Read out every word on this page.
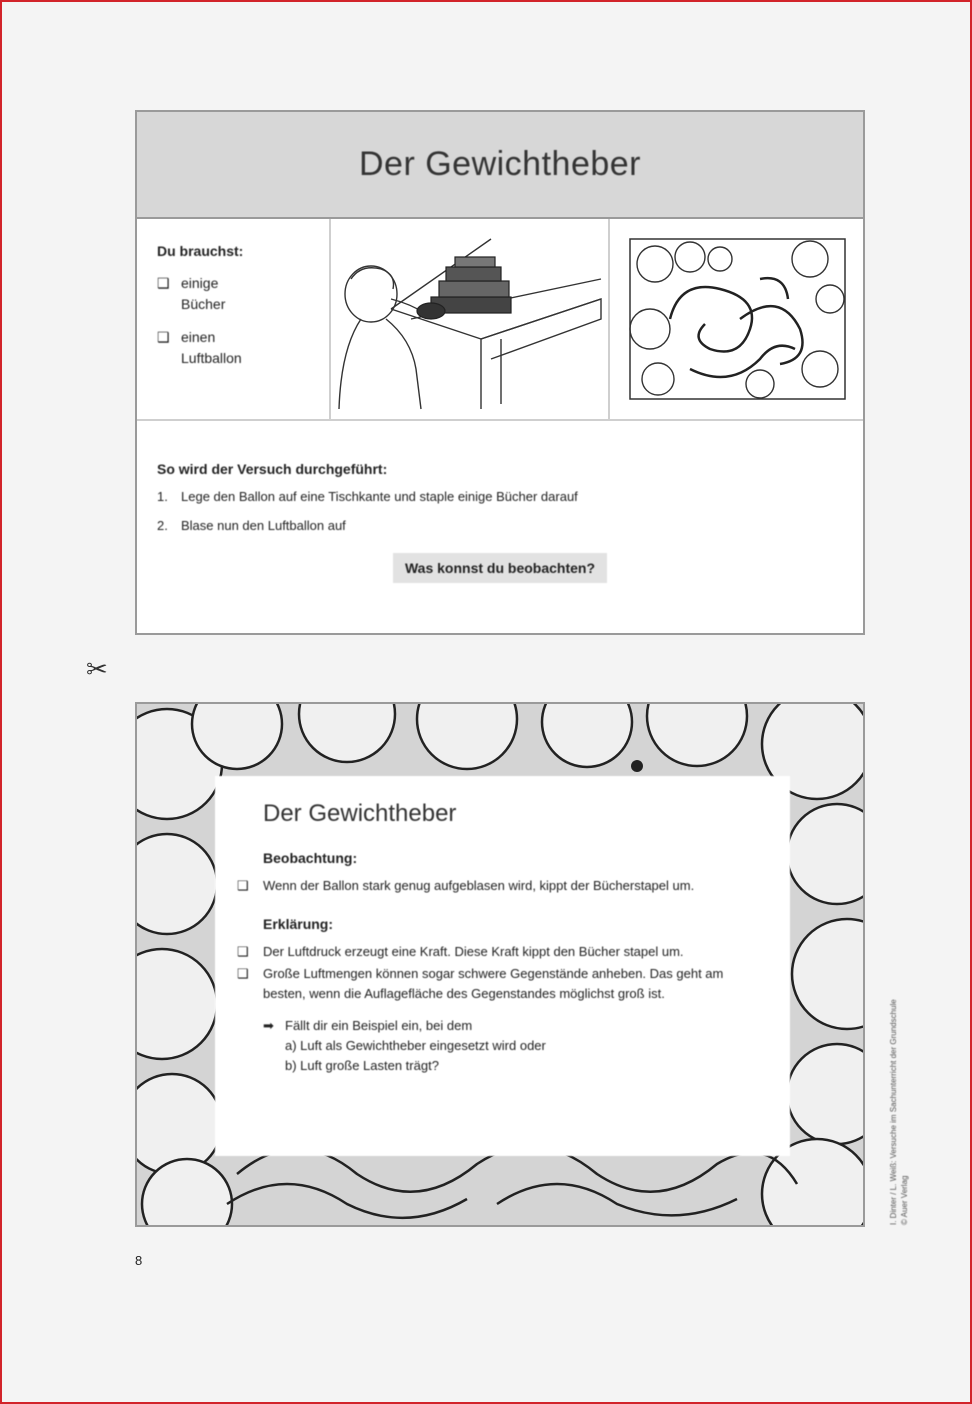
Der Gewichtheber
Du brauchst:
❑ einige Bücher
❑ einen Luftballon
So wird der Versuch durchgeführt:
1.	Lege den Ballon auf eine Tischkante und staple einige Bücher darauf
2.	Blase nun den Luftballon auf
Was konnst du beobachten?
✂
Der Gewichtheber
Beobachtung:
❑	Wenn der Ballon stark genug aufgeblasen wird, kippt der Bücherstapel um.
Erklärung:
❑	Der Luftdruck erzeugt eine Kraft. Diese Kraft kippt den Bücher stapel um.
❑	Große Luftmengen können sogar schwere Gegenstände anheben. Das geht am besten, wenn die Auflagefläche des Gegenstandes möglichst groß ist.
➡ Fällt dir ein Beispiel ein, bei dem
a) Luft als Gewichtheber eingesetzt wird oder
b) Luft große Lasten trägt?	I. Dinter / L. Weiß: Versuche im Sachunterricht der Grundschule © Auer Verlag
8
